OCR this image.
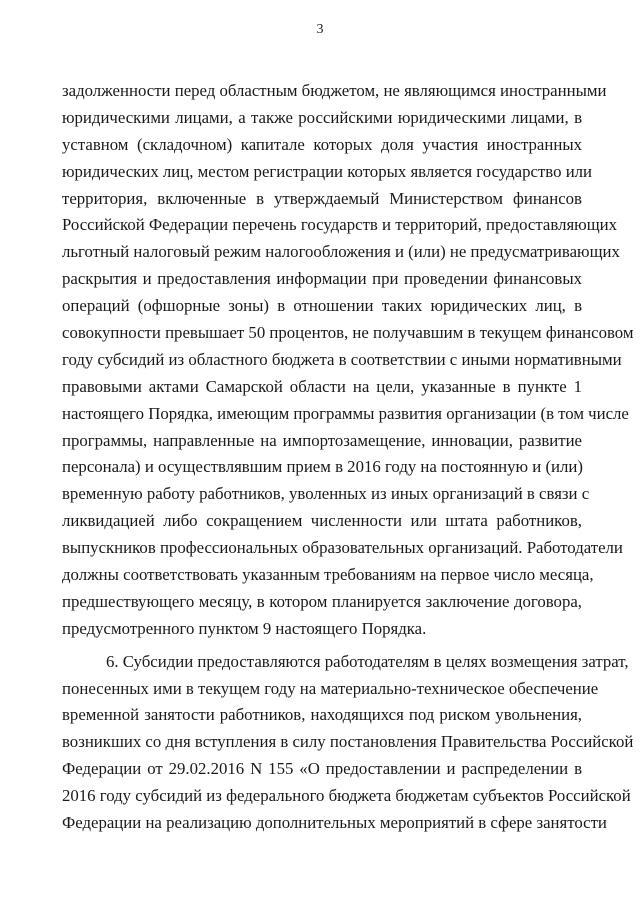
3
задолженности перед областным бюджетом, не являющимся иностранными
юридическими лицами, а также российскими юридическими лицами, в
уставном (складочном) капитале которых доля участия иностранных
юридических лиц, местом регистрации которых является государство или
территория, включенные в утверждаемый Министерством финансов
Российской Федерации перечень государств и территорий, предоставляющих
льготный налоговый режим налогообложения и (или) не предусматривающих
раскрытия и предоставления информации при проведении финансовых
операций (офшорные зоны) в отношении таких юридических лиц, в
совокупности превышает 50 процентов, не получавшим в текущем финансовом
году субсидий из областного бюджета в соответствии с иными нормативными
правовыми актами Самарской области на цели, указанные в пункте 1
настоящего Порядка, имеющим программы развития организации (в том числе
программы, направленные на импортозамещение, инновации, развитие
персонала) и осуществлявшим прием в 2016 году на постоянную и (или)
временную работу работников, уволенных из иных организаций в связи с
ликвидацией либо сокращением численности или штата работников,
выпускников профессиональных образовательных организаций. Работодатели
должны соответствовать указанным требованиям на первое число месяца,
предшествующего месяцу, в котором планируется заключение договора,
предусмотренного пунктом 9 настоящего Порядка.
6. Субсидии предоставляются работодателям в целях возмещения затрат,
понесенных ими в текущем году на материально-техническое обеспечение
временной занятости работников, находящихся под риском увольнения,
возникших со дня вступления в силу постановления Правительства Российской
Федерации от 29.02.2016 N 155 «О предоставлении и распределении в
2016 году субсидий из федерального бюджета бюджетам субъектов Российской
Федерации на реализацию дополнительных мероприятий в сфере занятости
